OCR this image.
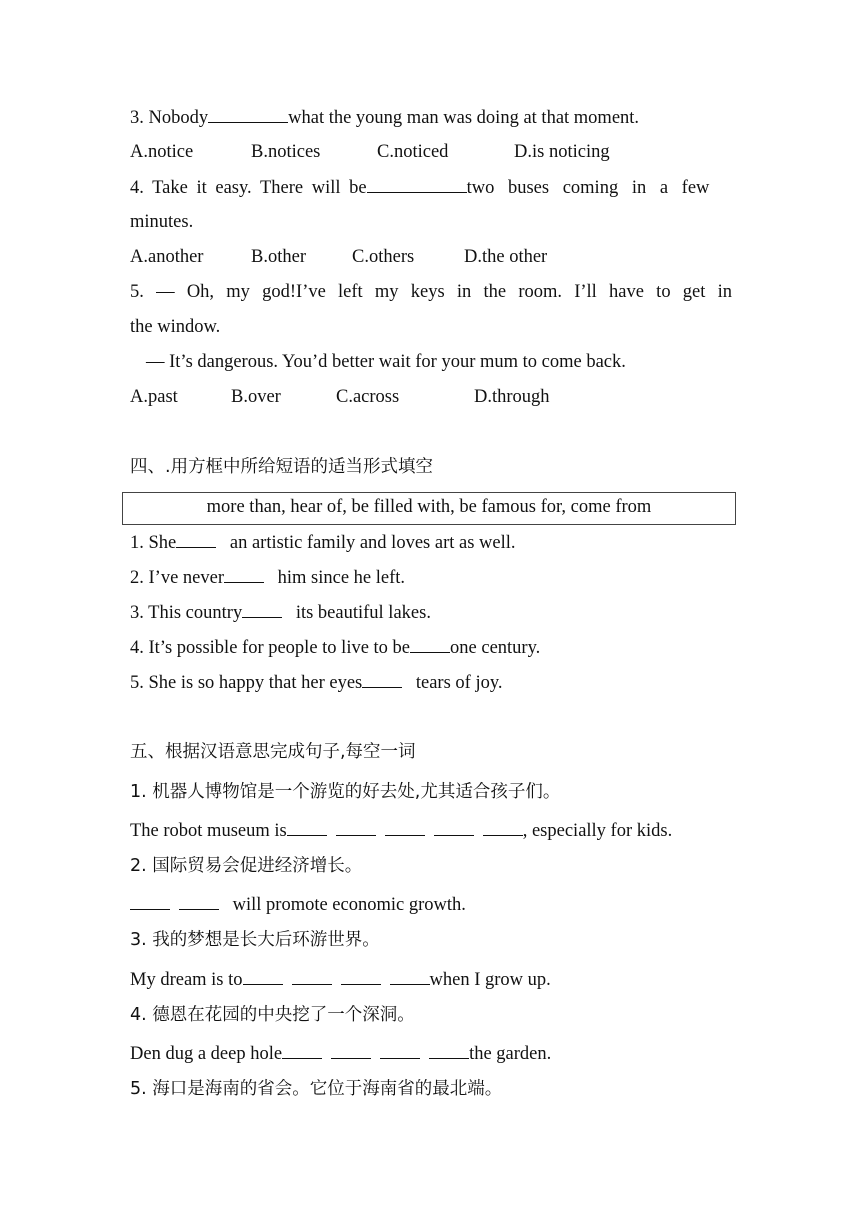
3. Nobody	what the young man was doing at that moment.
A.notice	B.notices	C.noticed	D.is noticing
4. Take it easy. There will be	two buses coming in a few
minutes.
A.another	B.other C.others	D.the other
5. — Oh, my god!I’ve left my keys in the room. I’ll have to get in
the window.
— It’s dangerous. You’d better wait for your mum to come back.
A.past	B.over	C.across	D.through
四、.用方框中所给短语的适当形式填空
more than, hear of, be filled with, be famous for, come from
1. She	an artistic family and loves art as well.
2. I’ve never	him since he left.
3. This country	its beautiful lakes.
4. It’s possible for people to live to be one century.
5. She is so happy that her eyes	tears of joy.
五、根据汉语意思完成句子,每空一词
1. 机器人博物馆是一个游览的好去处,尤其适合孩子们。
The robot museum is	, especially for kids.
2. 国际贸易会促进经济增长。
will promote economic growth.
3. 我的梦想是长大后环游世界。
My dream is to	when I grow up.
4. 德恩在花园的中央挖了一个深洞。
Den dug a deep hole	the garden.
5. 海口是海南的省会。它位于海南省的最北端。
